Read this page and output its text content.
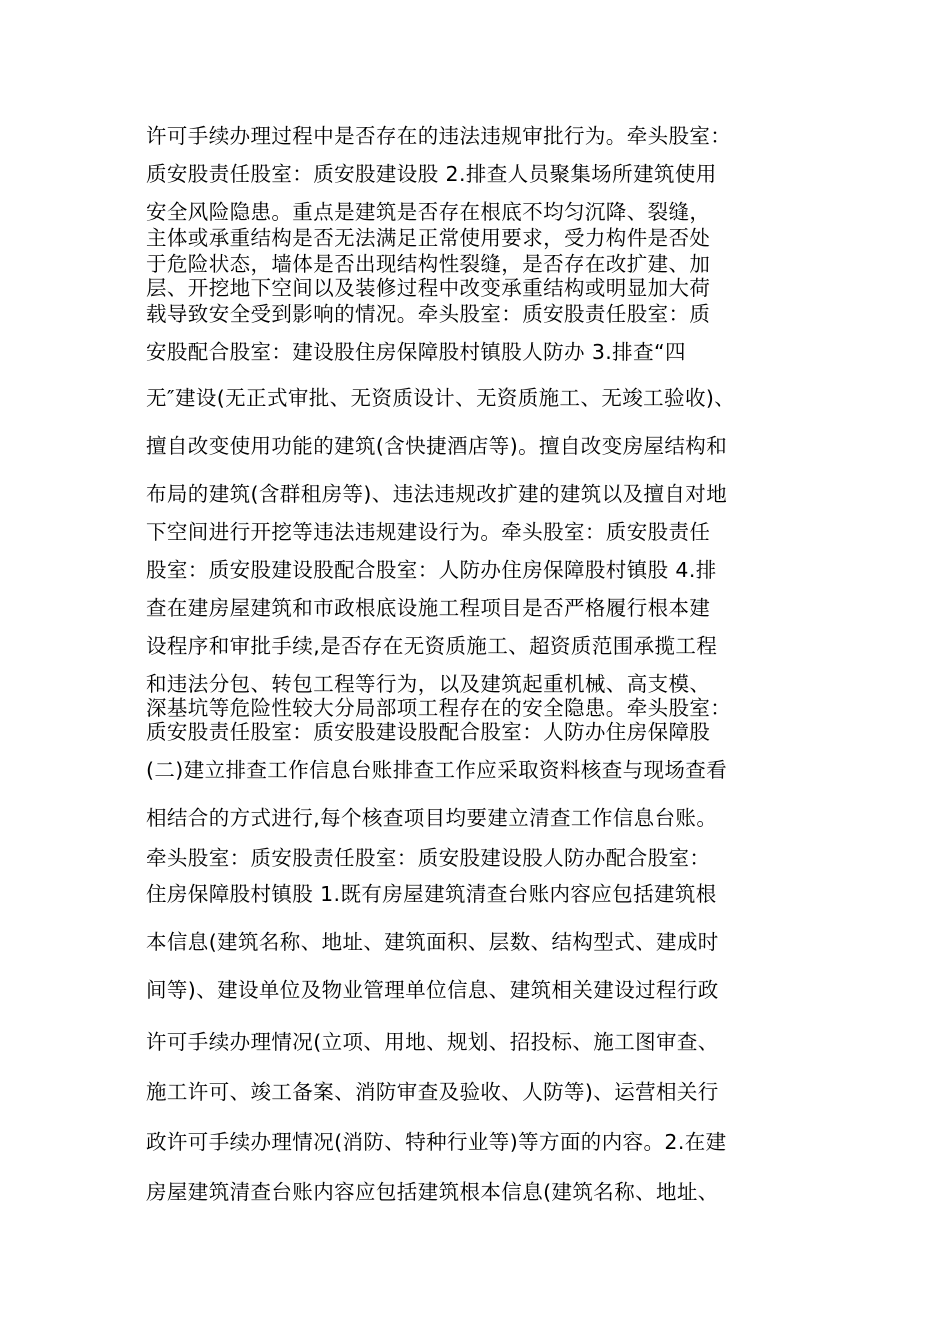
许可手续办理过程中是否存在的违法违规审批行为。牵头股室：
质安股责任股室：质安股建设股 2.排查人员聚集场所建筑使用
安全风险隐患。重点是建筑是否存在根底不均匀沉降、裂缝，
主体或承重结构是否无法满足正常使用要求，受力构件是否处
于危险状态，墙体是否出现结构性裂缝，是否存在改扩建、加
层、开挖地下空间以及装修过程中改变承重结构或明显加大荷
载导致安全受到影响的情况。牵头股室：质安股责任股室：质
安股配合股室：建设股住房保障股村镇股人防办 3.排查“四
无″建设(无正式审批、无资质设计、无资质施工、无竣工验收)、
擅自改变使用功能的建筑(含快捷酒店等)。擅自改变房屋结构和
布局的建筑(含群租房等)、违法违规改扩建的建筑以及擅自对地
下空间进行开挖等违法违规建设行为。牵头股室：质安股责任
股室：质安股建设股配合股室：人防办住房保障股村镇股 4.排
查在建房屋建筑和市政根底设施工程项目是否严格履行根本建
设程序和审批手续,是否存在无资质施工、超资质范围承揽工程
和违法分包、转包工程等行为，以及建筑起重机械、高支模、
深基坑等危险性较大分局部项工程存在的安全隐患。牵头股室：
质安股责任股室：质安股建设股配合股室：人防办住房保障股
(二)建立排查工作信息台账排查工作应采取资料核查与现场查看
相结合的方式进行,每个核查项目均要建立清查工作信息台账。
牵头股室：质安股责任股室：质安股建设股人防办配合股室：
住房保障股村镇股 1.既有房屋建筑清查台账内容应包括建筑根
本信息(建筑名称、地址、建筑面积、层数、结构型式、建成时
间等)、建设单位及物业管理单位信息、建筑相关建设过程行政
许可手续办理情况(立项、用地、规划、招投标、施工图审查、
施工许可、竣工备案、消防审查及验收、人防等)、运营相关行
政许可手续办理情况(消防、特种行业等)等方面的内容。2.在建
房屋建筑清查台账内容应包括建筑根本信息(建筑名称、地址、
